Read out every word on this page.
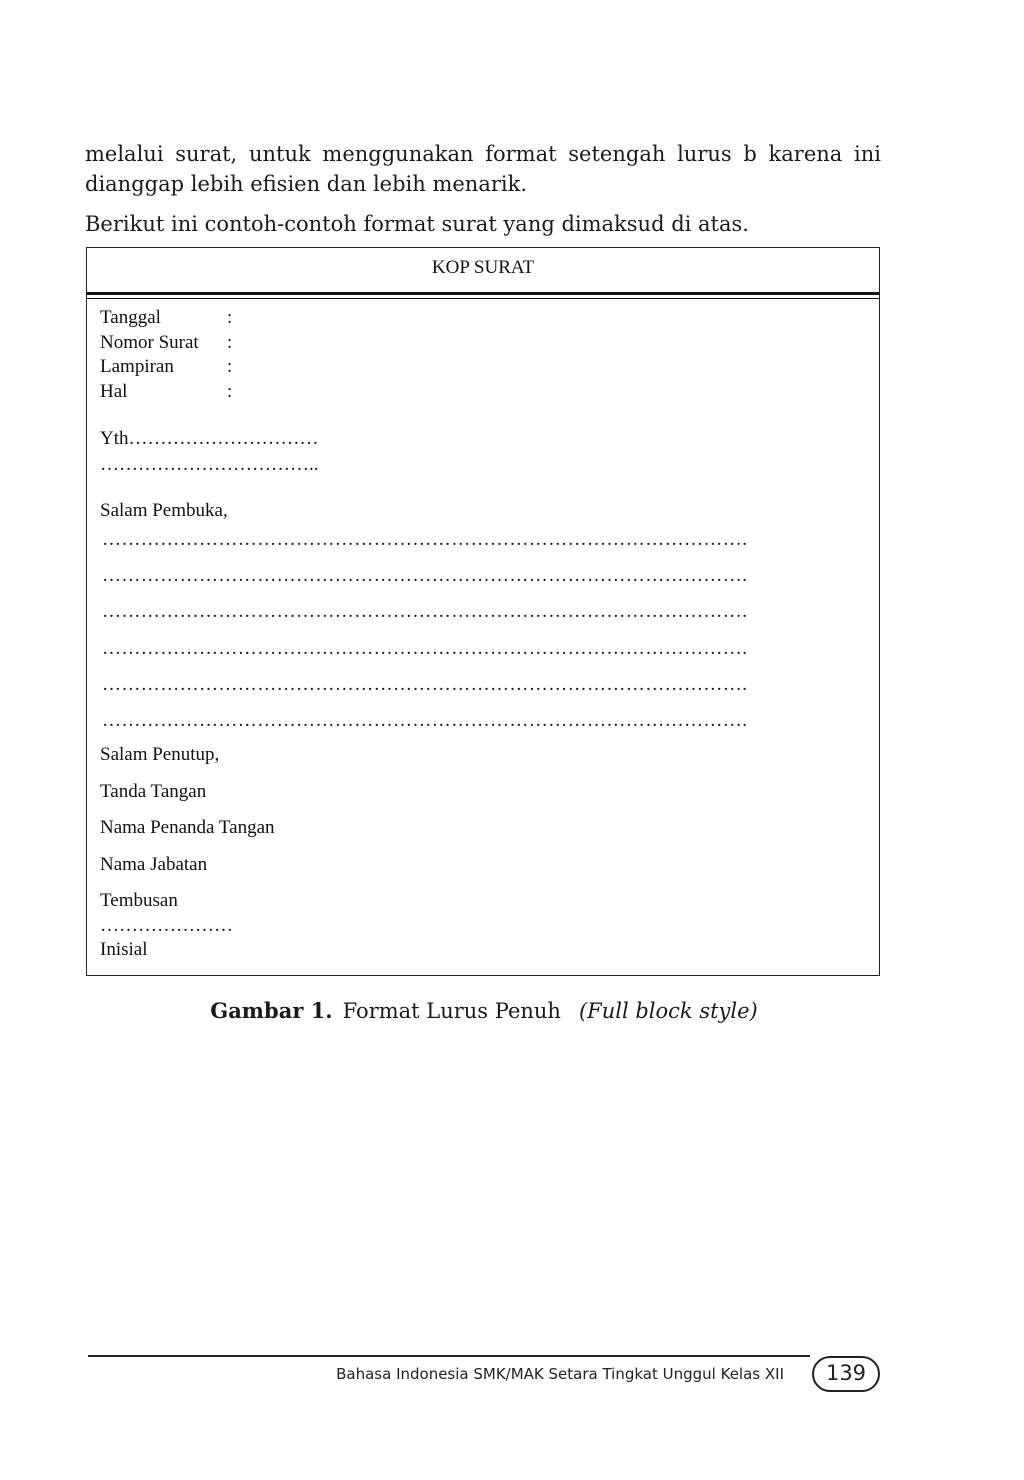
melalui surat, untuk menggunakan format setengah lurus b karena ini
dianggap lebih efisien dan lebih menarik.

Berikut ini contoh-contoh format surat yang dimaksud di atas.

KOP SURAT
Tanggal	:
Nomor Surat	:
Lampiran	:
Hal	:
Yth…………………………
……………………………..
Salam Pembuka,
……………………………………………………………………………………….
……………………………………………………………………………………….
……………………………………………………………………………………….
……………………………………………………………………………………….
……………………………………………………………………………………….
……………………………………………………………………………………….
Salam Penutup,
Tanda Tangan
Nama Penanda Tangan
Nama Jabatan
Tembusan
…………………
Inisial
Gambar 1. Format Lurus Penuh (Full block style)
Bahasa Indonesia SMK/MAK Setara Tingkat Unggul Kelas XII	139
